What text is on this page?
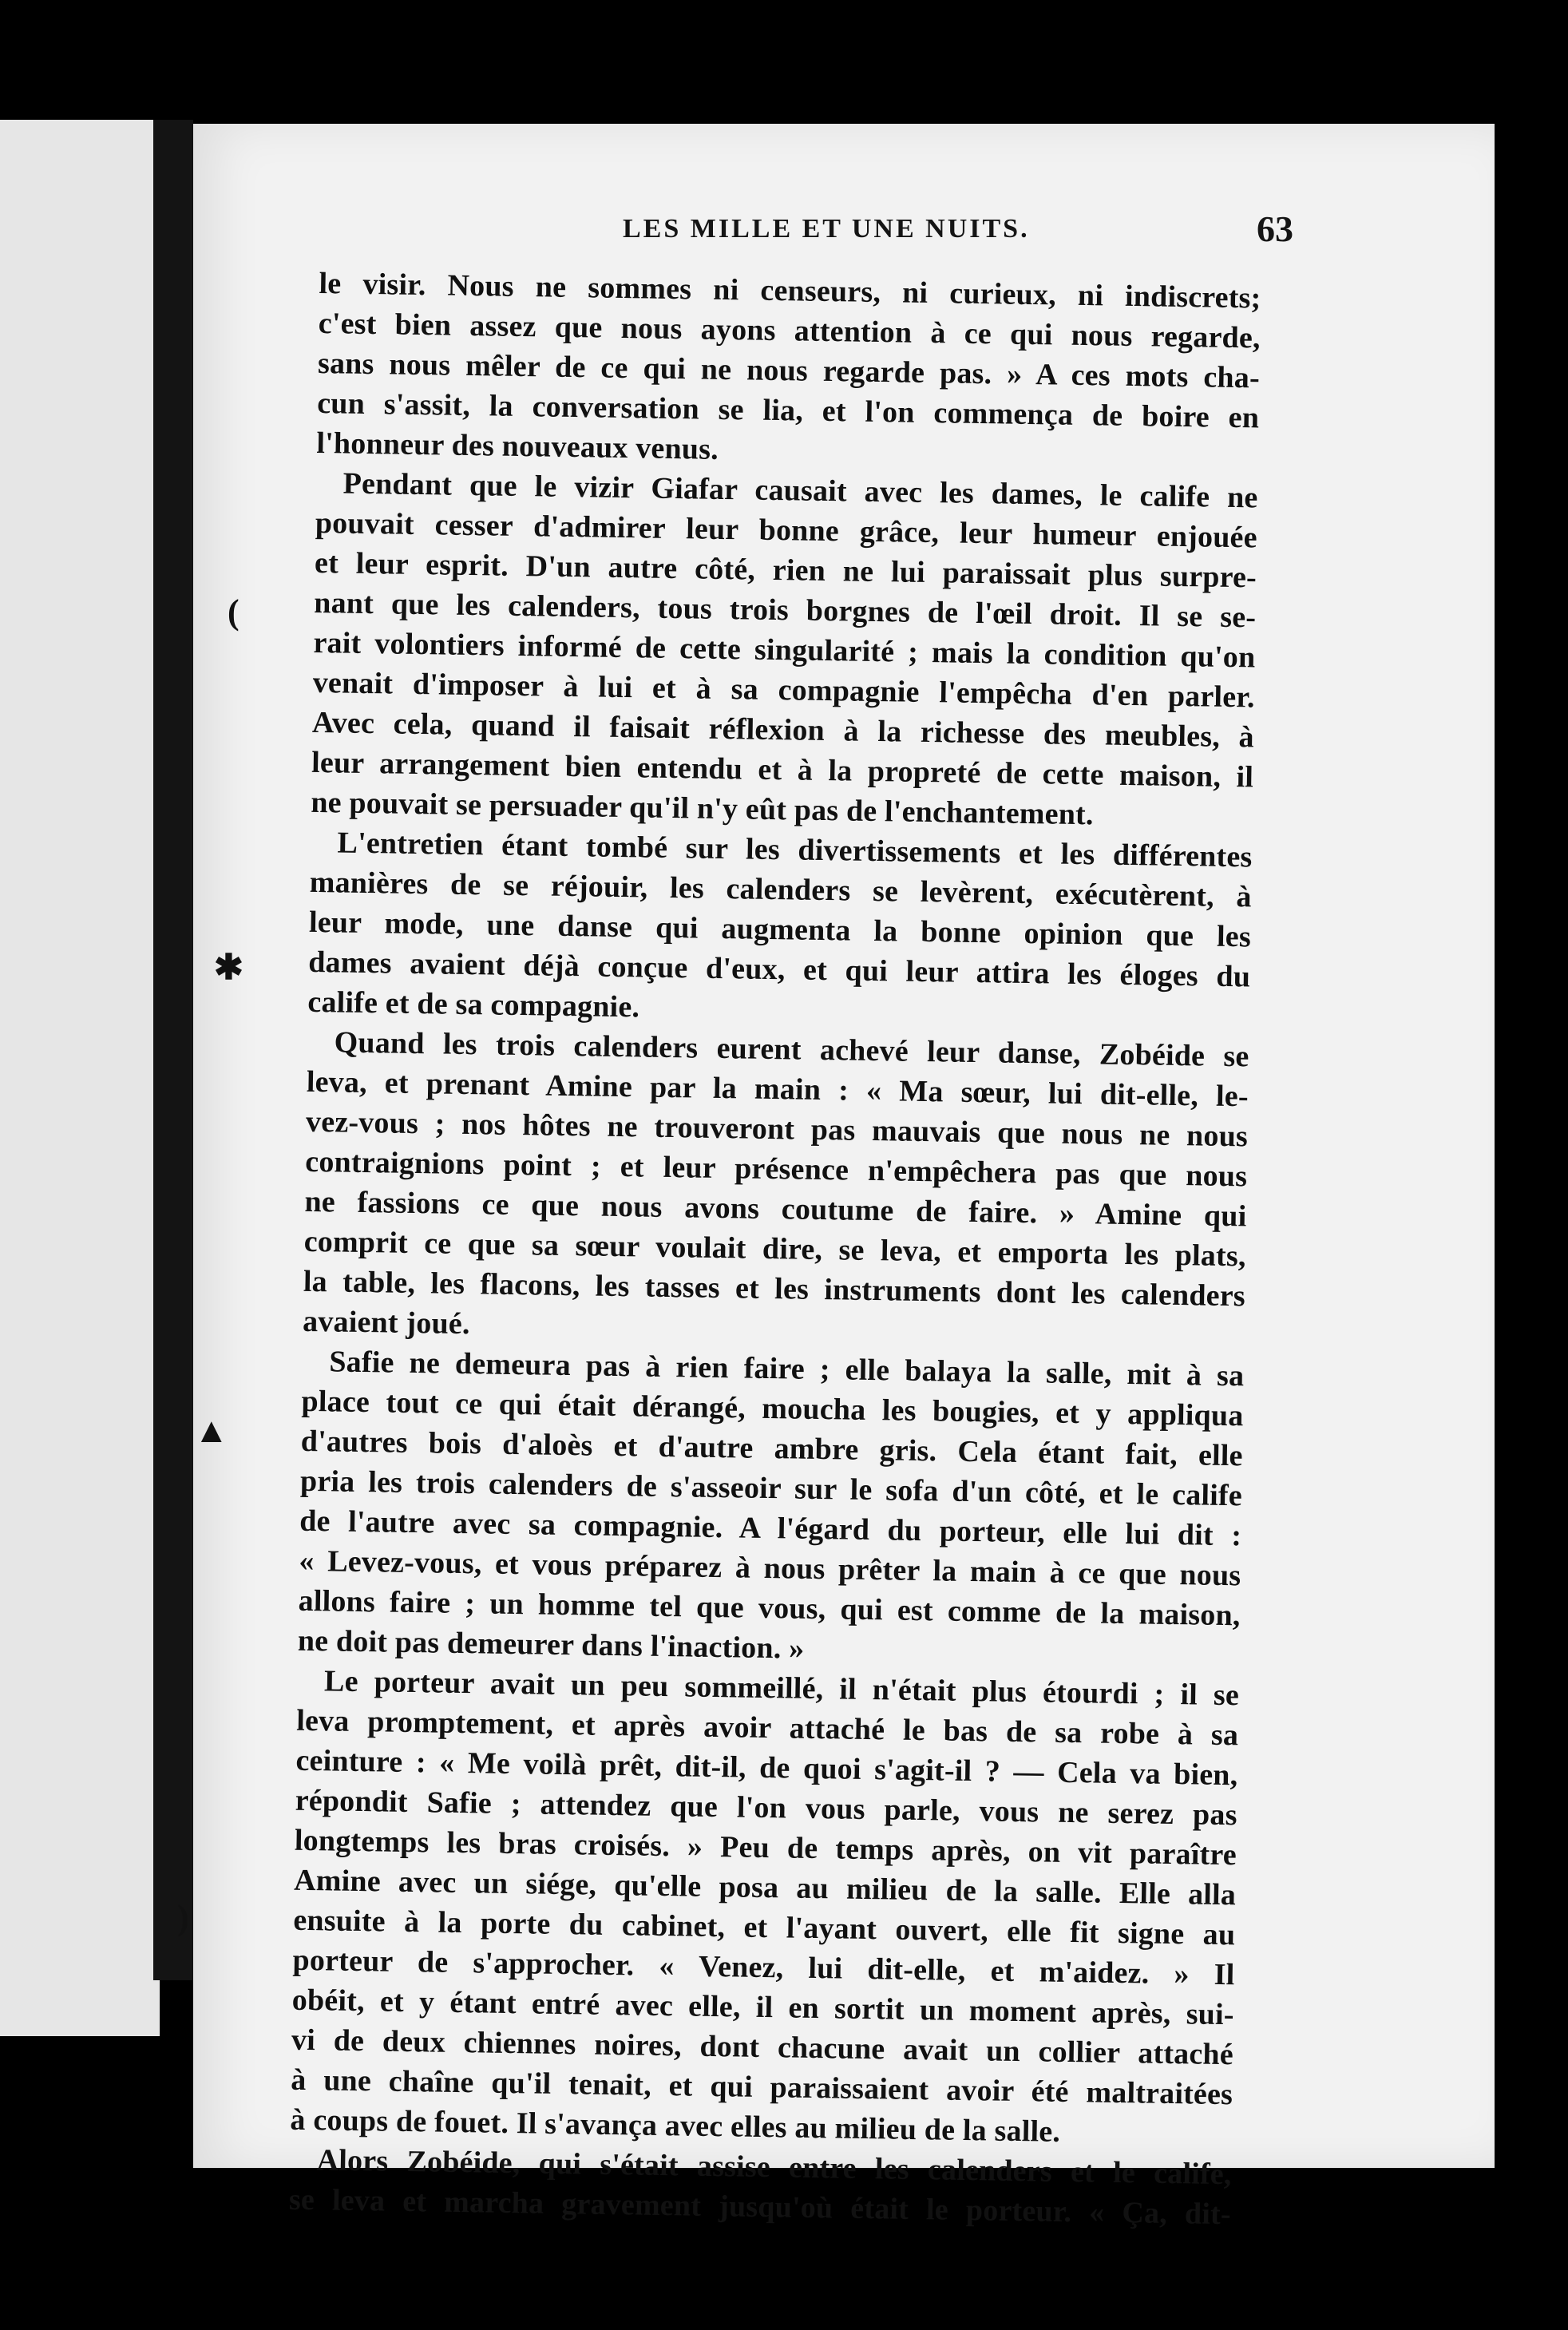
(
✱
▲
)
LES MILLE ET UNE NUITS.	63
le visir. Nous ne sommes ni censeurs, ni curieux, ni indiscrets;
c'est bien assez que nous ayons attention à ce qui nous regarde,
sans nous mêler de ce qui ne nous regarde pas. » A ces mots cha-
cun s'assit, la conversation se lia, et l'on commença de boire en
l'honneur des nouveaux venus.
Pendant que le vizir Giafar causait avec les dames, le calife ne
pouvait cesser d'admirer leur bonne grâce, leur humeur enjouée
et leur esprit. D'un autre côté, rien ne lui paraissait plus surpre-
nant que les calenders, tous trois borgnes de l'œil droit. Il se se-
rait volontiers informé de cette singularité ; mais la condition qu'on
venait d'imposer à lui et à sa compagnie l'empêcha d'en parler.
Avec cela, quand il faisait réflexion à la richesse des meubles, à
leur arrangement bien entendu et à la propreté de cette maison, il
ne pouvait se persuader qu'il n'y eût pas de l'enchantement.
L'entretien étant tombé sur les divertissements et les différentes
manières de se réjouir, les calenders se levèrent, exécutèrent, à
leur mode, une danse qui augmenta la bonne opinion que les
dames avaient déjà conçue d'eux, et qui leur attira les éloges du
calife et de sa compagnie.
Quand les trois calenders eurent achevé leur danse, Zobéide se
leva, et prenant Amine par la main : « Ma sœur, lui dit-elle, le-
vez-vous ; nos hôtes ne trouveront pas mauvais que nous ne nous
contraignions point ; et leur présence n'empêchera pas que nous
ne fassions ce que nous avons coutume de faire. » Amine qui
comprit ce que sa sœur voulait dire, se leva, et emporta les plats,
la table, les flacons, les tasses et les instruments dont les calenders
avaient joué.
Safie ne demeura pas à rien faire ; elle balaya la salle, mit à sa
place tout ce qui était dérangé, moucha les bougies, et y appliqua
d'autres bois d'aloès et d'autre ambre gris. Cela étant fait, elle
pria les trois calenders de s'asseoir sur le sofa d'un côté, et le calife
de l'autre avec sa compagnie. A l'égard du porteur, elle lui dit :
« Levez-vous, et vous préparez à nous prêter la main à ce que nous
allons faire ; un homme tel que vous, qui est comme de la maison,
ne doit pas demeurer dans l'inaction. »
Le porteur avait un peu sommeillé, il n'était plus étourdi ; il se
leva promptement, et après avoir attaché le bas de sa robe à sa
ceinture : « Me voilà prêt, dit-il, de quoi s'agit-il ? — Cela va bien,
répondit Safie ; attendez que l'on vous parle, vous ne serez pas
longtemps les bras croisés. » Peu de temps après, on vit paraître
Amine avec un siége, qu'elle posa au milieu de la salle. Elle alla
ensuite à la porte du cabinet, et l'ayant ouvert, elle fit signe au
porteur de s'approcher. « Venez, lui dit-elle, et m'aidez. » Il
obéit, et y étant entré avec elle, il en sortit un moment après, sui-
vi de deux chiennes noires, dont chacune avait un collier attaché
à une chaîne qu'il tenait, et qui paraissaient avoir été maltraitées
à coups de fouet. Il s'avança avec elles au milieu de la salle.
Alors Zobéide, qui s'était assise entre les calenders et le calife,
se leva et marcha gravement jusqu'où était le porteur. « Ça, dit-
